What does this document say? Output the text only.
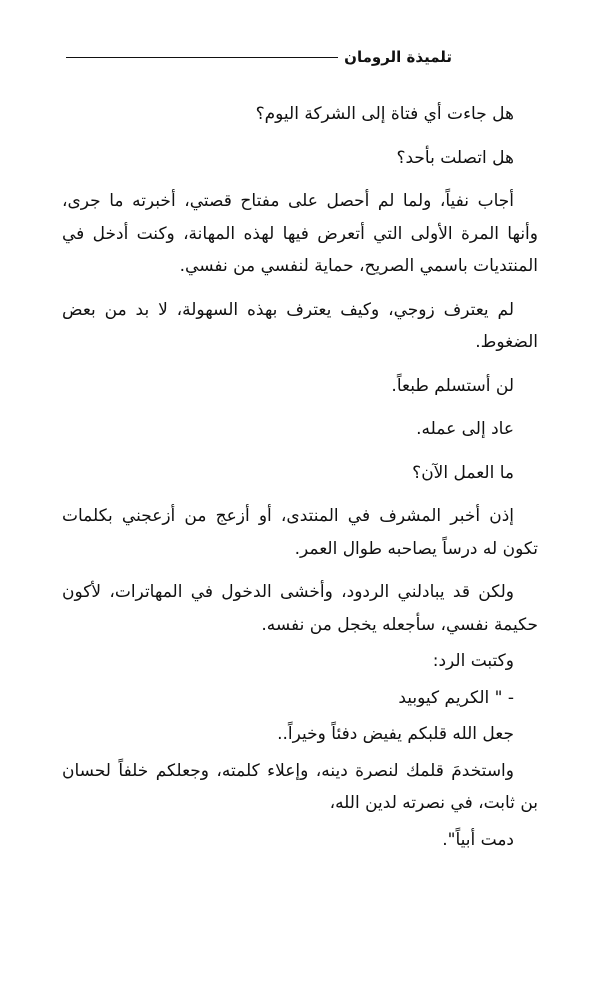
تلميذة الرومان

هل جاءت أي فتاة إلى الشركة اليوم؟

هل اتصلت بأحد؟

أجاب نفياً، ولما لم أحصل على مفتاح قصتي، أخبرته ما جرى، وأنها المرة الأولى التي أتعرض فيها لهذه المهانة، وكنت أدخل في المنتديات باسمي الصريح، حماية لنفسي من نفسي.

لم يعترف زوجي، وكيف يعترف بهذه السهولة، لا بد من بعض الضغوط.

لن أستسلم طبعاً.

عاد إلى عمله.

ما العمل الآن؟

إذن أخبر المشرف في المنتدى، أو أزعج من أزعجني بكلمات تكون له درساً يصاحبه طوال العمر.

ولكن قد يبادلني الردود، وأخشى الدخول في المهاترات، لأكون حكيمة نفسي، سأجعله يخجل من نفسه.

وكتبت الرد:

- " الكريم كيوبيد

جعل الله قلبكم يفيض دفئاً وخيراً..

واستخدمَ قلمك لنصرة دينه، وإعلاء كلمته، وجعلكم خلفاً لحسان بن ثابت، في نصرته لدين الله،

دمت أبياً".
